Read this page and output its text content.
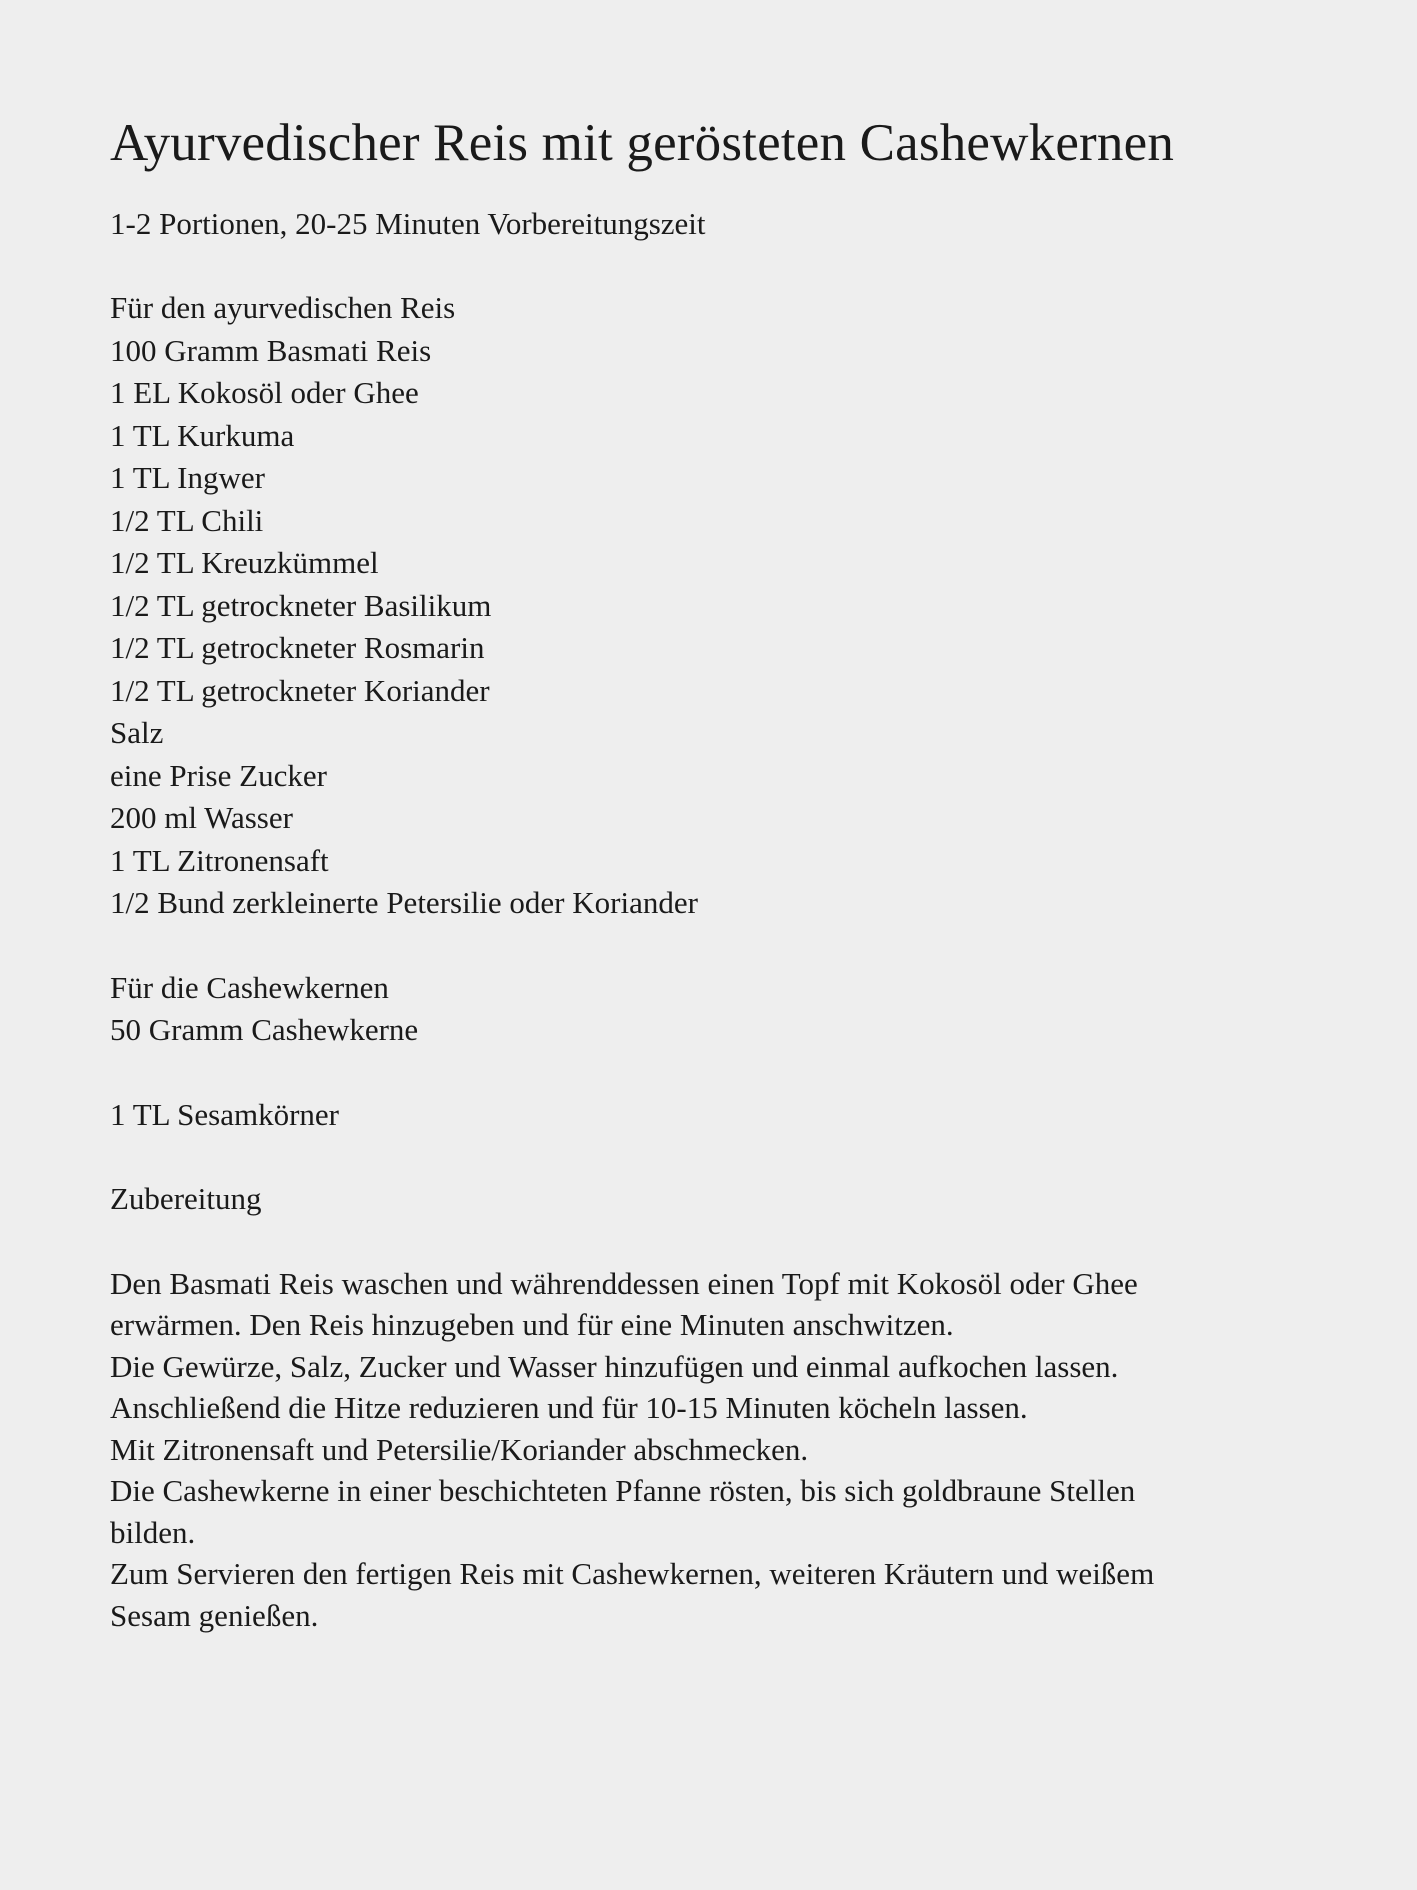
Ayurvedischer Reis mit gerösteten Cashewkernen
1-2 Portionen, 20-25 Minuten Vorbereitungszeit
Für den ayurvedischen Reis
100 Gramm Basmati Reis
1 EL Kokosöl oder Ghee
1 TL Kurkuma
1 TL Ingwer
1/2 TL Chili
1/2 TL Kreuzkümmel
1/2 TL getrockneter Basilikum
1/2 TL getrockneter Rosmarin
1/2 TL getrockneter Koriander
Salz
eine Prise Zucker
200 ml Wasser
1 TL Zitronensaft
1/2 Bund zerkleinerte Petersilie oder Koriander
Für die Cashewkernen
50 Gramm Cashewkerne
1 TL Sesamkörner
Zubereitung
Den Basmati Reis waschen und währenddessen einen Topf mit Kokosöl oder Ghee
erwärmen. Den Reis hinzugeben und für eine Minuten anschwitzen.
Die Gewürze, Salz, Zucker und Wasser hinzufügen und einmal aufkochen lassen.
Anschließend die Hitze reduzieren und für 10-15 Minuten köcheln lassen.
Mit Zitronensaft und Petersilie/Koriander abschmecken.
Die Cashewkerne in einer beschichteten Pfanne rösten, bis sich goldbraune Stellen
bilden.
Zum Servieren den fertigen Reis mit Cashewkernen, weiteren Kräutern und weißem
Sesam genießen.
